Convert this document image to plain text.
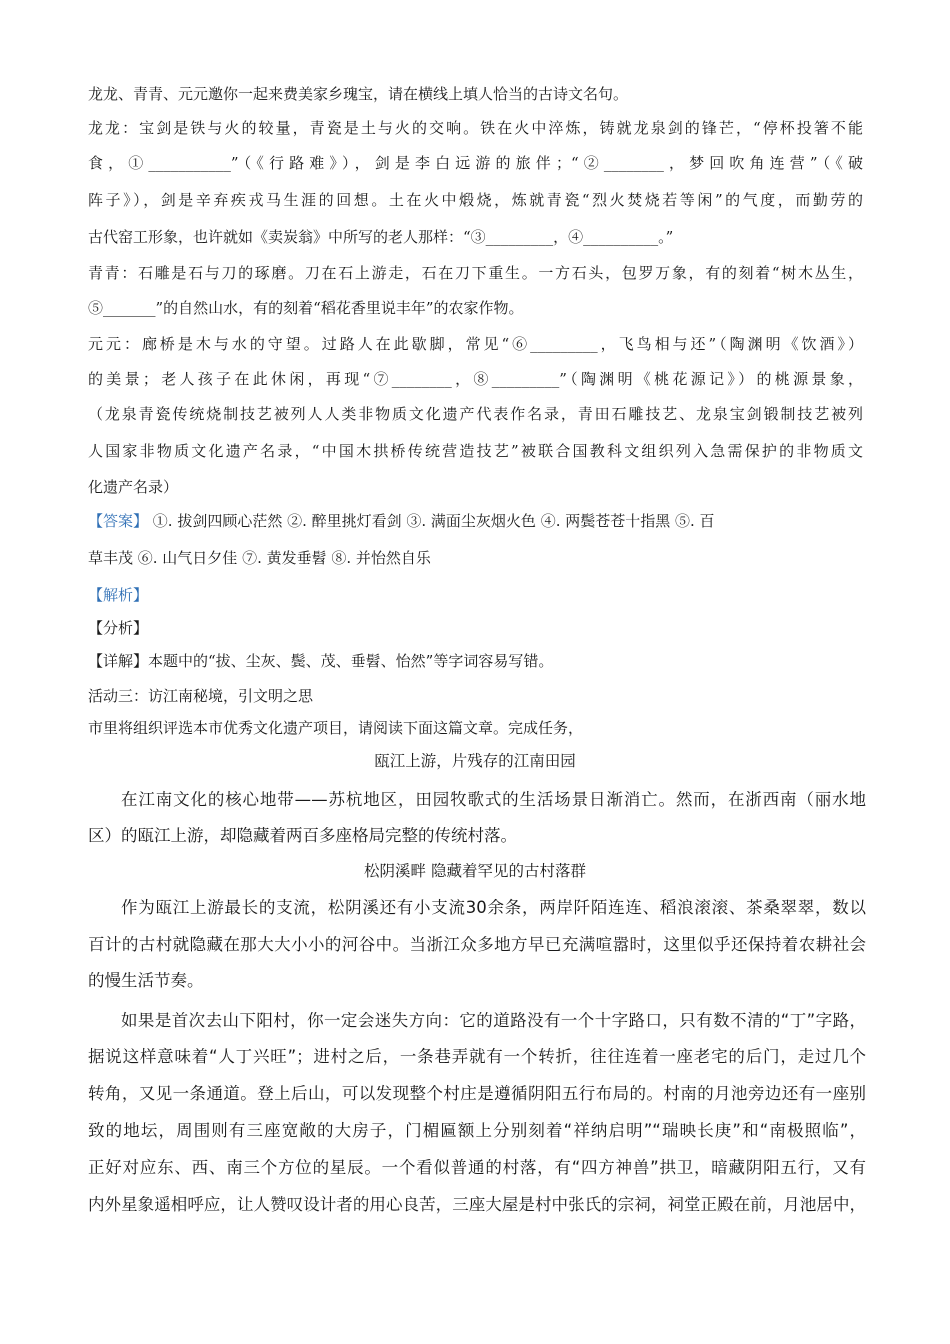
龙龙、青青、元元邀你一起来费美家乡瑰宝，请在横线上填人恰当的古诗文名句。
龙龙：宝剑是铁与火的较量，青瓷是土与火的交响。铁在火中淬炼，铸就龙泉剑的锋芒，“停杯投箸不能
食，①___________”（《行路难》），剑是李白远游的旅伴；“②________，梦回吹角连营”（《破
阵子》），剑是辛弃疾戎马生涯的回想。土在火中煅烧，炼就青瓷“烈火焚烧若等闲”的气度，而勤劳的
古代窑工形象，也许就如《卖炭翁》中所写的老人那样：“③_________，④__________。”
青青：石雕是石与刀的琢磨。刀在石上游走，石在刀下重生。一方石头，包罗万象，有的刻着“树木丛生，
⑤_______”的自然山水，有的刻着“稻花香里说丰年”的农家作物。
元元：廊桥是木与水的守望。过路人在此歇脚，常见“⑥_________，飞鸟相与还”（陶渊明《饮酒》）
的美景；老人孩子在此休闲，再现“⑦________，⑧_________”（陶渊明《桃花源记》）的桃源景象，
（龙泉青瓷传统烧制技艺被列人人类非物质文化遗产代表作名录，青田石雕技艺、龙泉宝剑锻制技艺被列
人国家非物质文化遗产名录，“中国木拱桥传统营造技艺”被联合国教科文组织列入急需保护的非物质文
化遗产名录）
【答案】 ①. 拔剑四顾心茫然 ②. 醉里挑灯看剑 ③. 满面尘灰烟火色 ④. 两鬓苍苍十指黑 ⑤. 百
草丰茂 ⑥. 山气日夕佳 ⑦. 黄发垂髫 ⑧. 并怡然自乐
【解析】
【分析】
【详解】本题中的“拔、尘灰、鬓、茂、垂髫、怡然”等字词容易写错。
活动三：访江南秘境，引文明之思
市里将组织评选本市优秀文化遗产项目，请阅读下面这篇文章。完成任务，
瓯江上游，片残存的江南田园
在江南文化的核心地带——苏杭地区，田园牧歌式的生活场景日渐消亡。然而，在浙西南（丽水地
区）的瓯江上游，却隐藏着两百多座格局完整的传统村落。
松阴溪畔 隐藏着罕见的古村落群
作为瓯江上游最长的支流，松阴溪还有小支流30余条，两岸阡陌连连、稻浪滚滚、茶桑翠翠，数以
百计的古村就隐藏在那大大小小的河谷中。当浙江众多地方早已充满喧嚣时，这里似乎还保持着农耕社会
的慢生活节奏。
如果是首次去山下阳村，你一定会迷失方向：它的道路没有一个十字路口，只有数不清的“丁”字路，
据说这样意味着“人丁兴旺”；进村之后，一条巷弄就有一个转折，往往连着一座老宅的后门，走过几个
转角，又见一条通道。登上后山，可以发现整个村庄是遵循阴阳五行布局的。村南的月池旁边还有一座别
致的地坛，周围则有三座宽敞的大房子，门楣匾额上分别刻着“祥纳启明”“瑞映长庚”和“南极照临”，
正好对应东、西、南三个方位的星辰。一个看似普通的村落，有“四方神兽”拱卫，暗藏阴阳五行，又有
内外星象遥相呼应，让人赞叹设计者的用心良苦，三座大屋是村中张氏的宗祠，祠堂正殿在前，月池居中，
